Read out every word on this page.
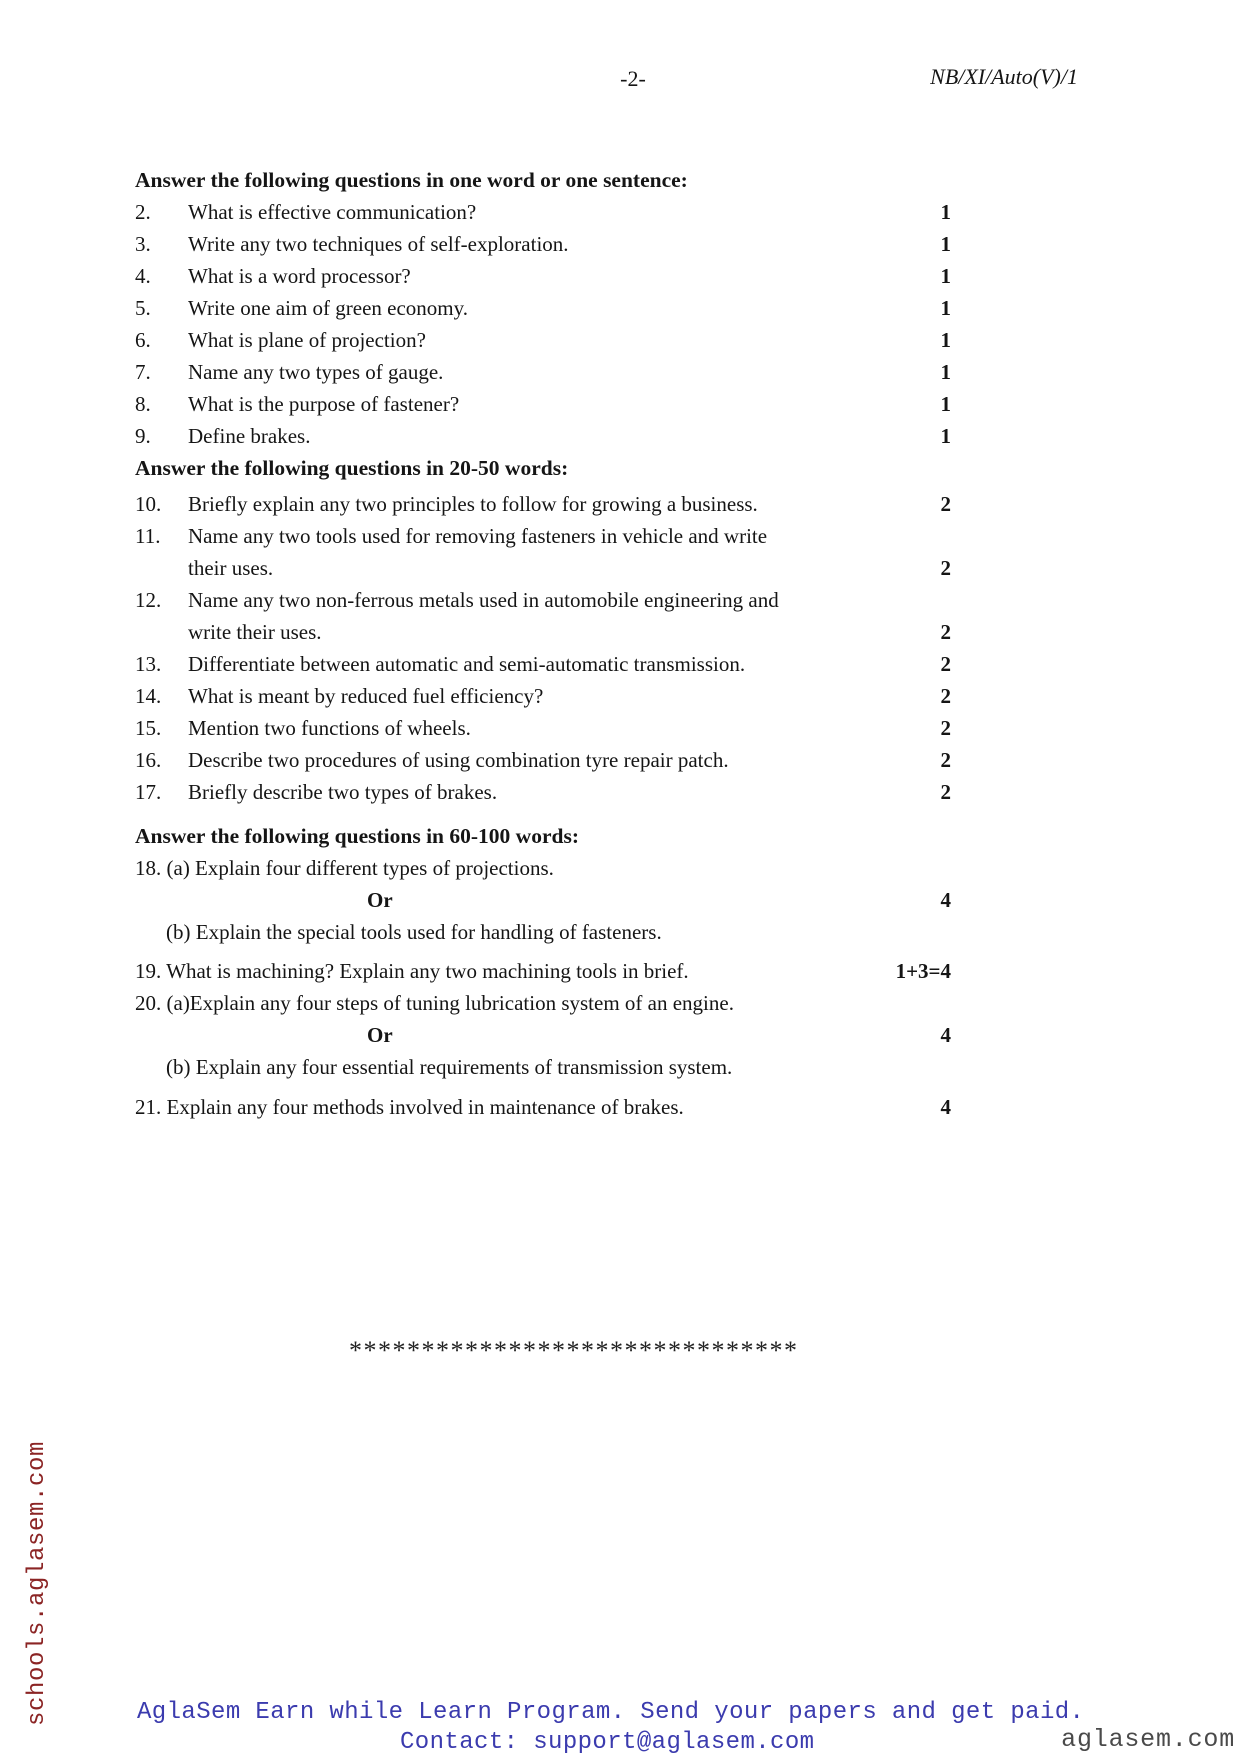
-2-	NB/XI/Auto(V)/1
Answer the following questions in one word or one sentence:
2.	What is effective communication?	1
3.	Write any two techniques of self-exploration.	1
4.	What is a word processor?	1
5.	Write one aim of green economy.	1
6.	What is plane of projection?	1
7.	Name any two types of gauge.	1
8.	What is the purpose of fastener?	1
9.	Define brakes.	1
Answer the following questions in 20-50 words:
10.	Briefly explain any two principles to follow for growing a business.	2
11.	Name any two tools used for removing fasteners in vehicle and write
their uses.	2
12.	Name any two non-ferrous metals used in automobile engineering and
write their uses.	2
13.	Differentiate between automatic and semi-automatic transmission.	2
14.	What is meant by reduced fuel efficiency?	2
15.	Mention two functions of wheels.	2
16.	Describe two procedures of using combination tyre repair patch.	2
17.	Briefly describe two types of brakes.	2
Answer the following questions in 60-100 words:
18. (a) Explain four different types of projections.
Or	4
(b) Explain the special tools used for handling of fasteners.
19. What is machining? Explain any two machining tools in brief.	1+3=4
20. (a)Explain any four steps of tuning lubrication system of an engine.
Or	4
(b) Explain any four essential requirements of transmission system.
21. Explain any four methods involved in maintenance of brakes.	4
*******************************
schools.aglasem.com	AglaSem Earn while Learn Program. Send your papers and get paid.
Contact: support@aglasem.com	aglasem.com
